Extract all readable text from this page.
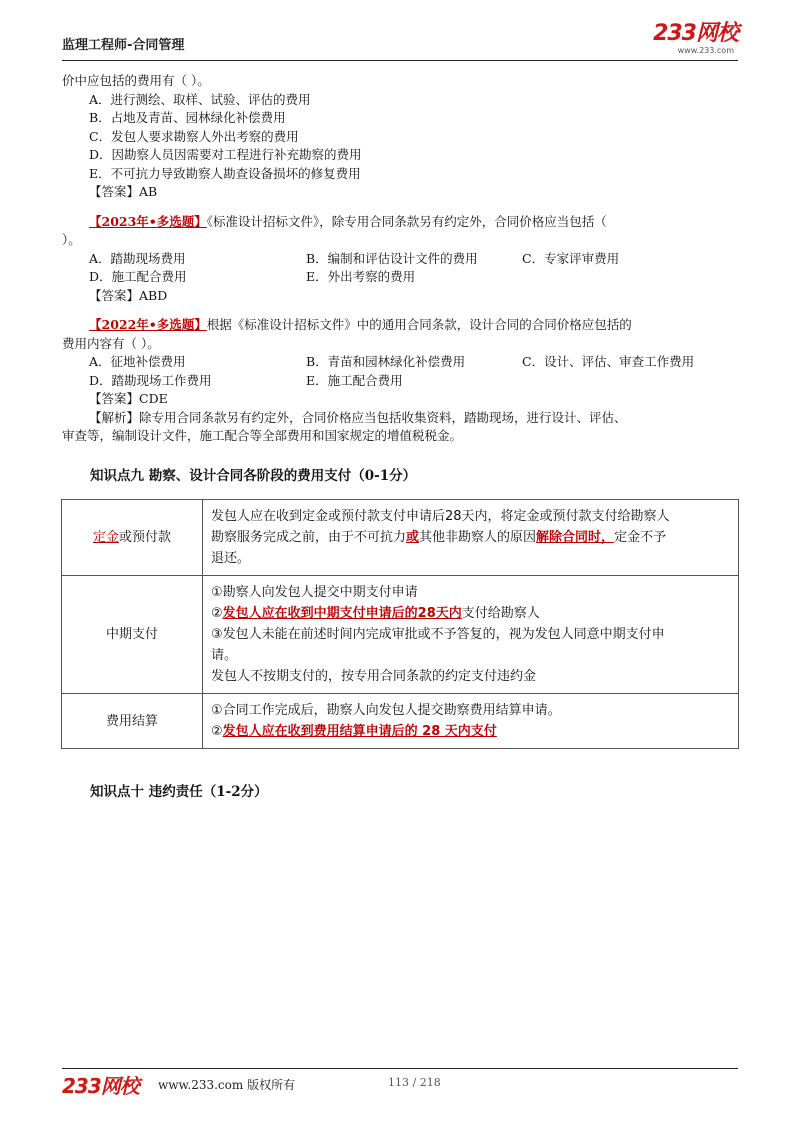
监理工程师-合同管理	233网校
www.233.com
价中应包括的费用有（ ）。
A．进行测绘、取样、试验、评估的费用
B．占地及青苗、园林绿化补偿费用
C．发包人要求勘察人外出考察的费用
D．因勘察人员因需要对工程进行补充勘察的费用
E．不可抗力导致勘察人勘查设备损坏的修复费用
【答案】AB
【2023年•多选题】《标准设计招标文件》，除专用合同条款另有约定外，合同价格应当包括（
）。
A．踏勘现场费用	B．编制和评估设计文件的费用	C．专家评审费用
D．施工配合费用	E．外出考察的费用
【答案】ABD
【2022年•多选题】根据《标准设计招标文件》中的通用合同条款，设计合同的合同价格应包括的
费用内容有（ ）。
A．征地补偿费用	B．青苗和园林绿化补偿费用	C．设计、评估、审查工作费用
D．踏勘现场工作费用	E．施工配合费用
【答案】CDE
【解析】除专用合同条款另有约定外，合同价格应当包括收集资料，踏勘现场，进行设计、评估、
审查等，编制设计文件，施工配合等全部费用和国家规定的增值税税金。
知识点九 勘察、设计合同各阶段的费用支付（0-1分）
定金或预付款	发包人应在收到定金或预付款支付申请后28天内，将定金或预付款支付给勘察人
勘察服务完成之前，由于不可抗力或其他非勘察人的原因解除合同时，定金不予
退还。

中期支付	①勘察人向发包人提交中期支付申请
②发包人应在收到中期支付申请后的28天内支付给勘察人
③发包人未能在前述时间内完成审批或不予答复的，视为发包人同意中期支付申
请。
发包人不按期支付的，按专用合同条款的约定支付违约金

费用结算	①合同工作完成后，勘察人向发包人提交勘察费用结算申请。
②发包人应在收到费用结算申请后的 28 天内支付
知识点十 违约责任（1-2分）
233网校 www.233.com 版权所有	113 / 218
